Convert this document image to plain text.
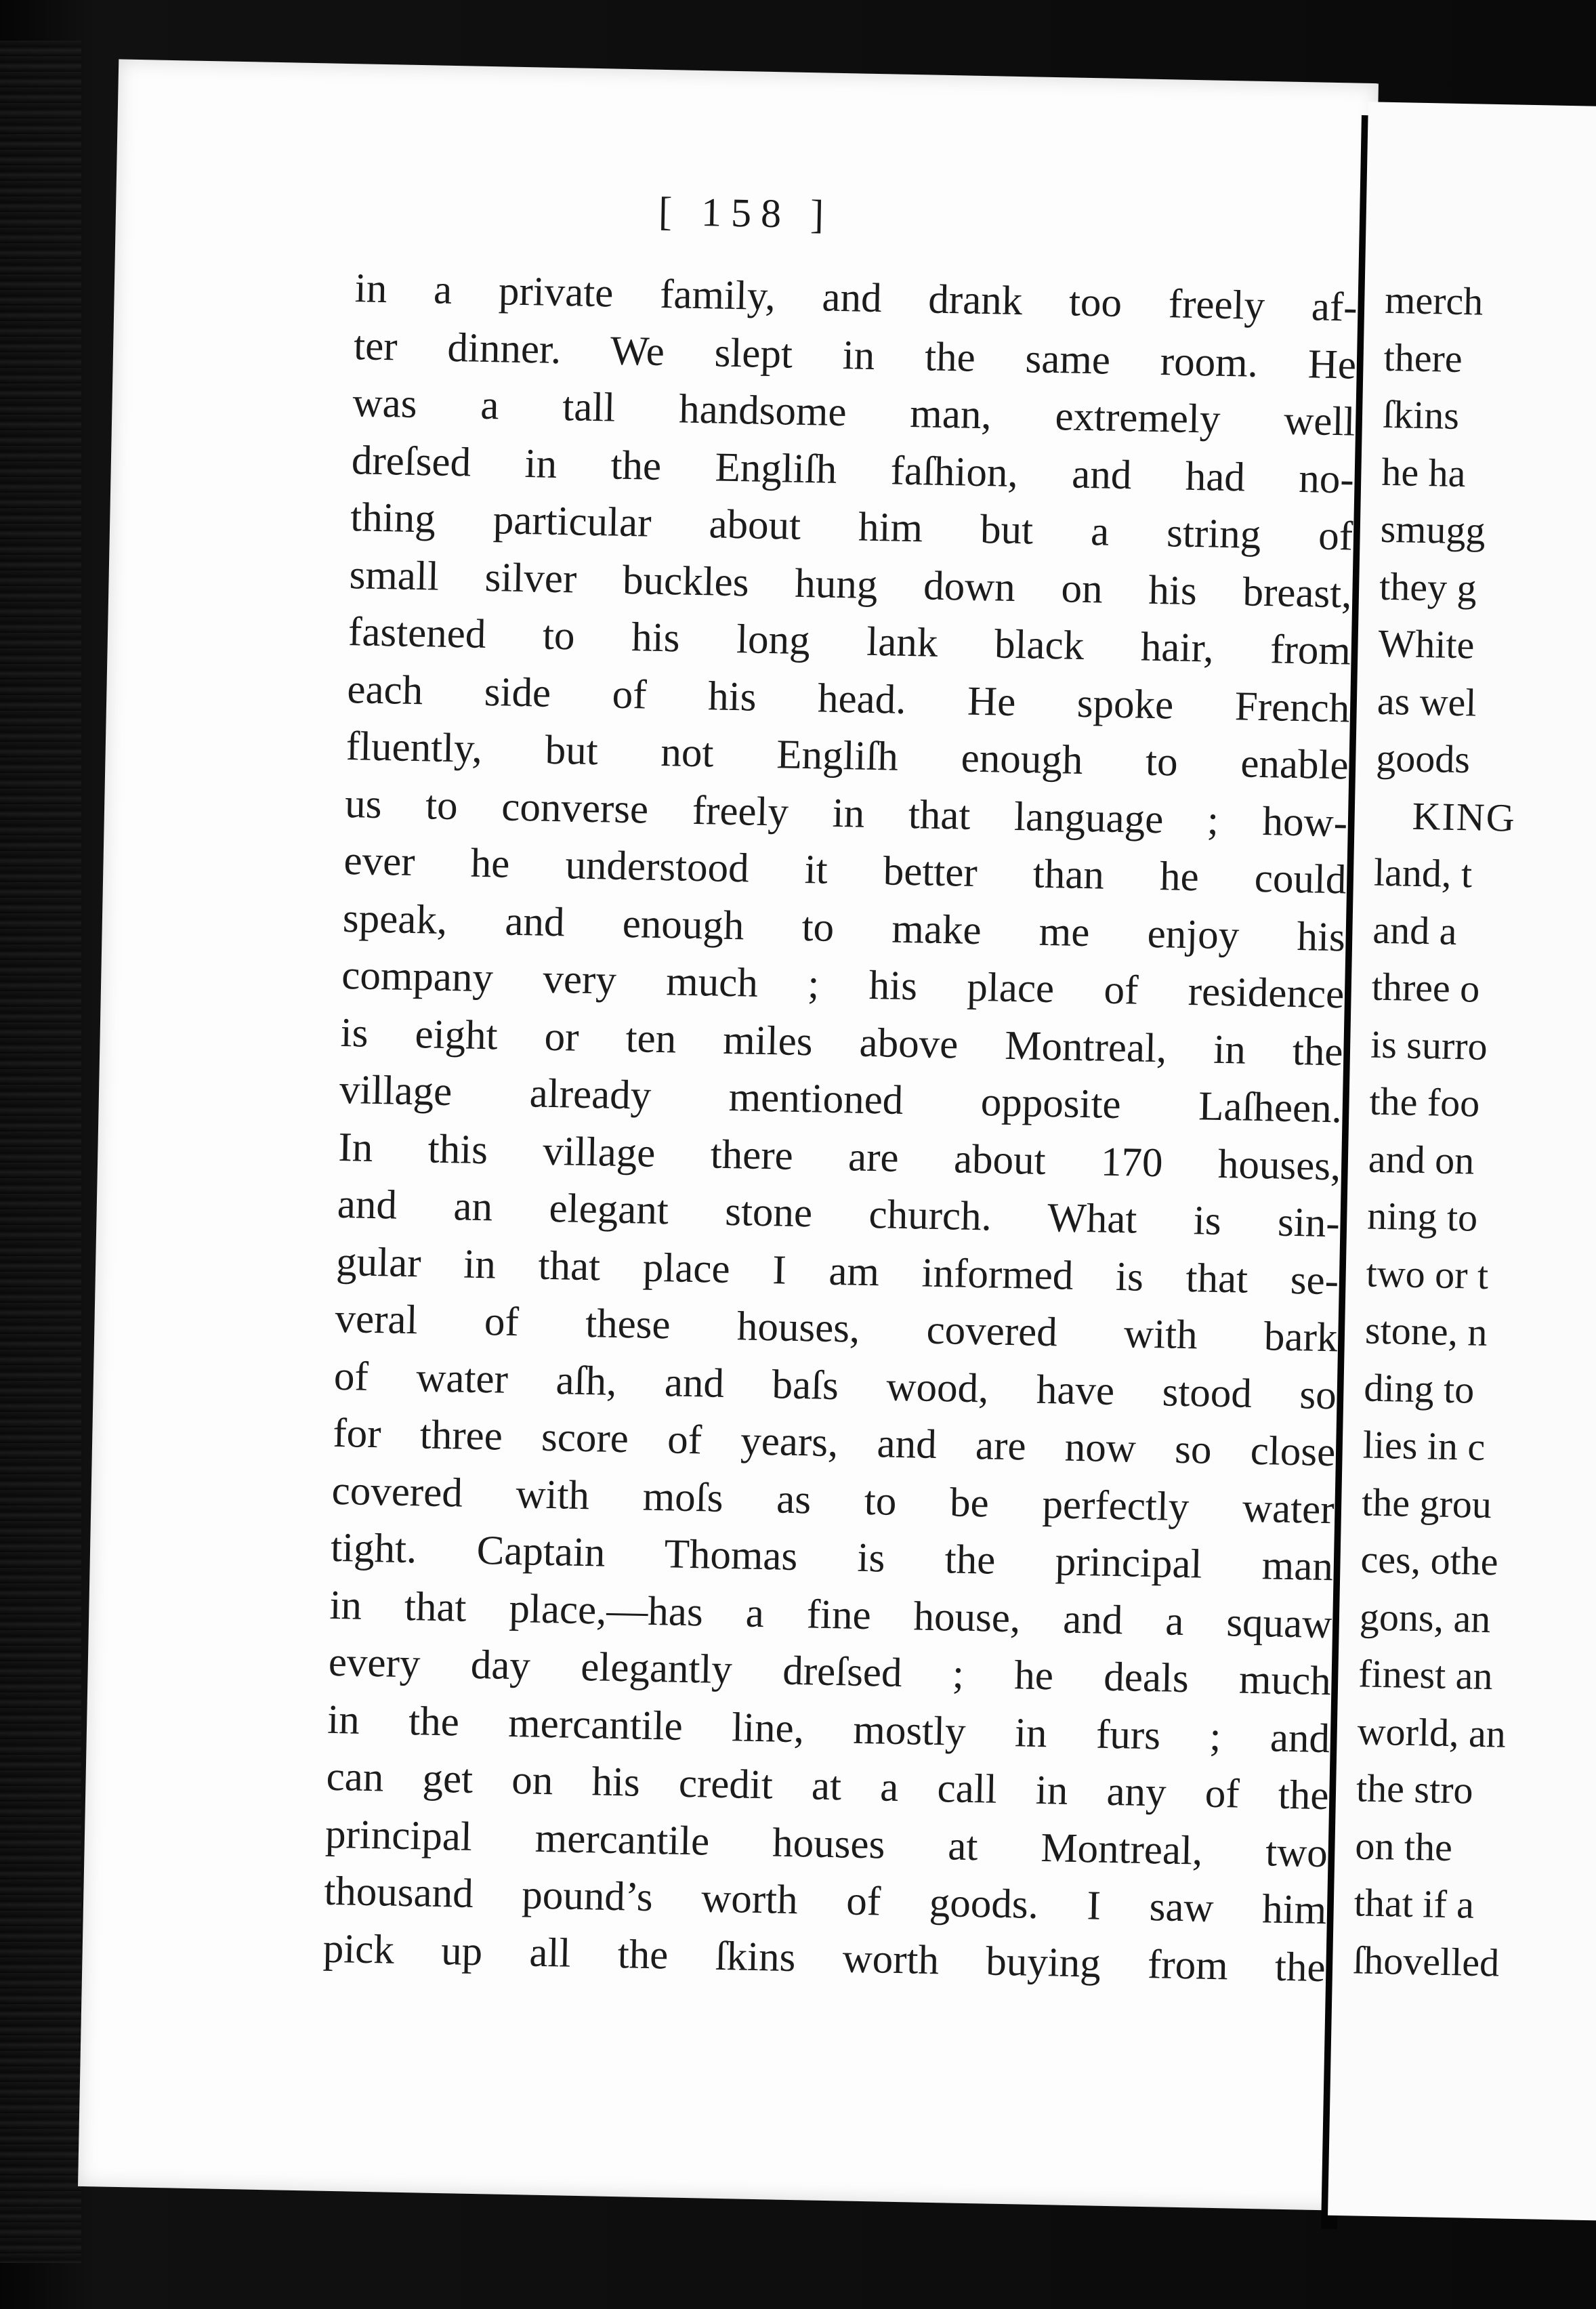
[ 158 ]
in a private family, and drank too freely af-
ter dinner. We slept in the same room. He
was a tall handsome man, extremely well
dreſsed in the Engliſh faſhion, and had no-
thing particular about him but a string of
small silver buckles hung down on his breast,
fastened to his long lank black hair, from
each side of his head. He spoke French
fluently, but not Engliſh enough to enable
us to converse freely in that language ; how-
ever he understood it better than he could
speak, and enough to make me enjoy his
company very much ; his place of residence
is eight or ten miles above Montreal, in the
village already mentioned opposite Laſheen.
In this village there are about 170 houses,
and an elegant stone church. What is sin-
gular in that place I am informed is that se-
veral of these houses, covered with bark
of water aſh, and baſs wood, have stood so
for three score of years, and are now so close
covered with moſs as to be perfectly water
tight. Captain Thomas is the principal man
in that place,—has a fine house, and a squaw
every day elegantly dreſsed ; he deals much
in the mercantile line, mostly in furs ; and
can get on his credit at a call in any of the
principal mercantile houses at Montreal, two
thousand pound’s worth of goods. I saw him
pick up all the ſkins worth buying from the
merch
there
ſkins
he ha
smugg
they g
White
as wel
goods
KING
land, t
and a
three o
is surro
the foo
and on
ning to
two or t
stone, n
ding to
lies in c
the grou
ces, othe
gons, an
finest an
world, an
the stro
on the
that if a
ſhovelled
